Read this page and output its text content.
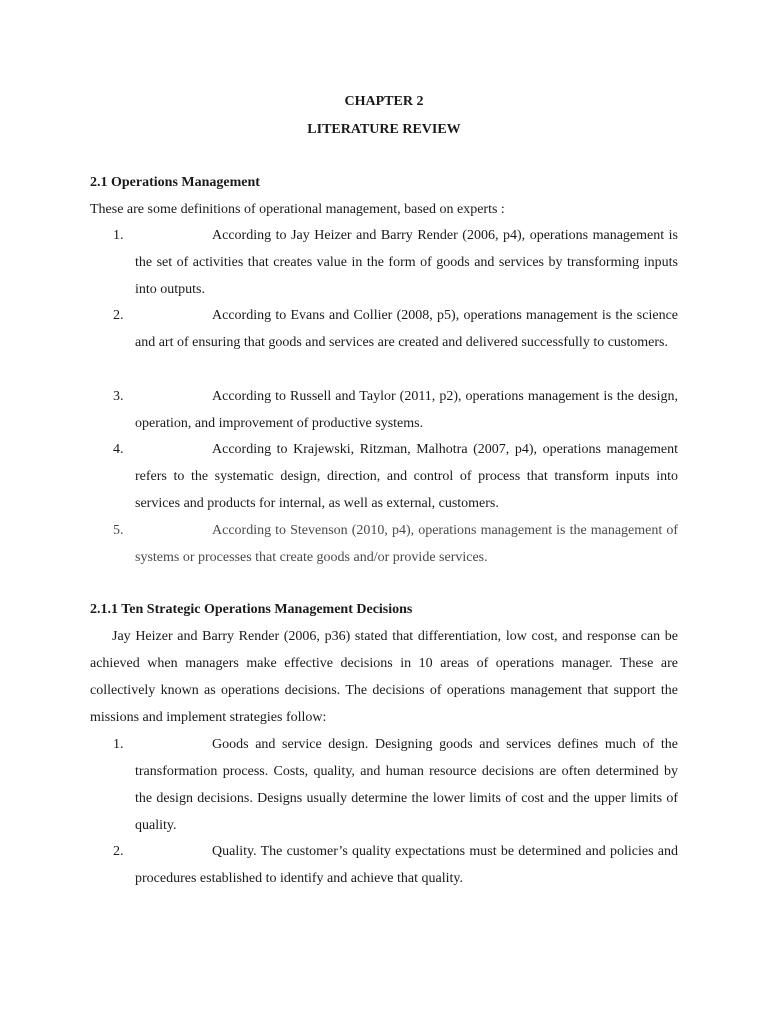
CHAPTER 2
LITERATURE REVIEW
2.1 Operations Management

These are some definitions of operational management, based on experts :

1.	According to Jay Heizer and Barry Render (2006, p4), operations management is the set of activities that creates value in the form of goods and services by transforming inputs into outputs.

2.	According to Evans and Collier (2008, p5), operations management is the science and art of ensuring that goods and services are created and delivered successfully to customers.

3.	According to Russell and Taylor (2011, p2), operations management is the design, operation, and improvement of productive systems.

4.	According to Krajewski, Ritzman, Malhotra (2007, p4), operations management refers to the systematic design, direction, and control of process that transform inputs into services and products for internal, as well as external, customers.

5.	According to Stevenson (2010, p4), operations management is the management of systems or processes that create goods and/or provide services.

2.1.1 Ten Strategic Operations Management Decisions

Jay Heizer and Barry Render (2006, p36) stated that differentiation, low cost, and response can be achieved when managers make effective decisions in 10 areas of operations manager. These are collectively known as operations decisions. The decisions of operations management that support the missions and implement strategies follow:

1.	Goods and service design. Designing goods and services defines much of the transformation process. Costs, quality, and human resource decisions are often determined by the design decisions. Designs usually determine the lower limits of cost and the upper limits of quality.

2.	Quality. The customer’s quality expectations must be determined and policies and procedures established to identify and achieve that quality.
